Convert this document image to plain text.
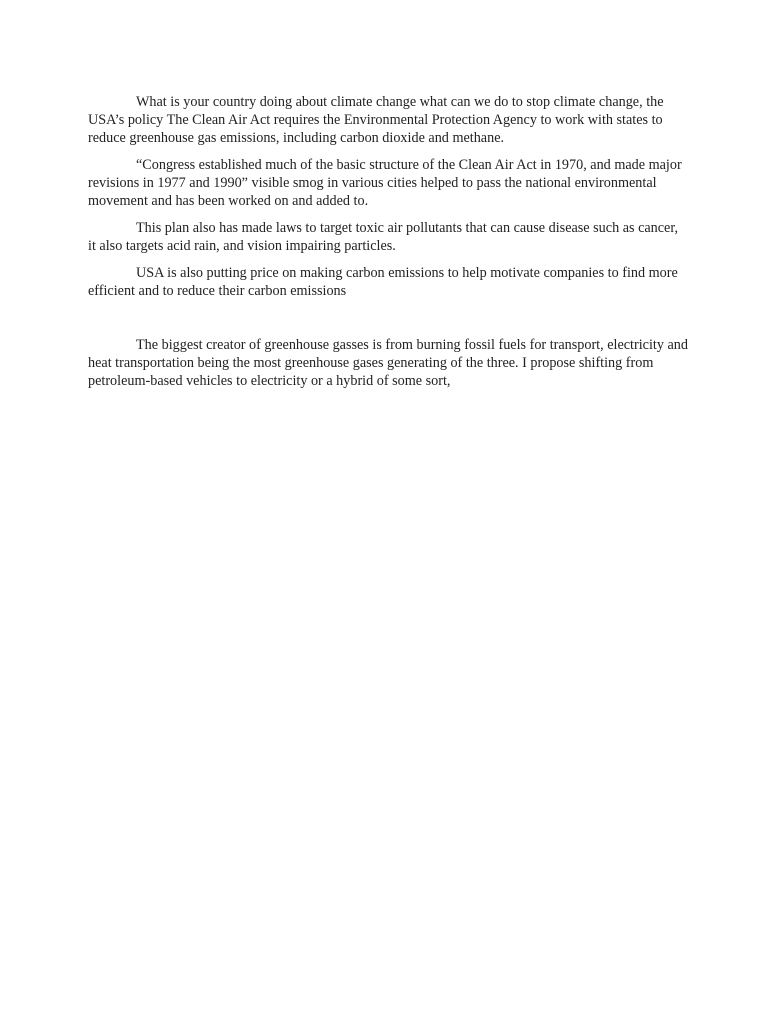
What is your country doing about climate change what can we do to stop climate change, the USA’s policy The Clean Air Act requires the Environmental Protection Agency to work with states to reduce greenhouse gas emissions, including carbon dioxide and methane.

“Congress established much of the basic structure of the Clean Air Act in 1970, and made major revisions in 1977 and 1990” visible smog in various cities helped to pass the national environmental movement and has been worked on and added to.

This plan also has made laws to target toxic air pollutants that can cause disease such as cancer, it also targets acid rain, and vision impairing particles.

USA is also putting price on making carbon emissions to help motivate companies to find more efficient and to reduce their carbon emissions

The biggest creator of greenhouse gasses is from burning fossil fuels for transport, electricity and heat transportation being the most greenhouse gases generating of the three. I propose shifting from petroleum-based vehicles to electricity or a hybrid of some sort,
